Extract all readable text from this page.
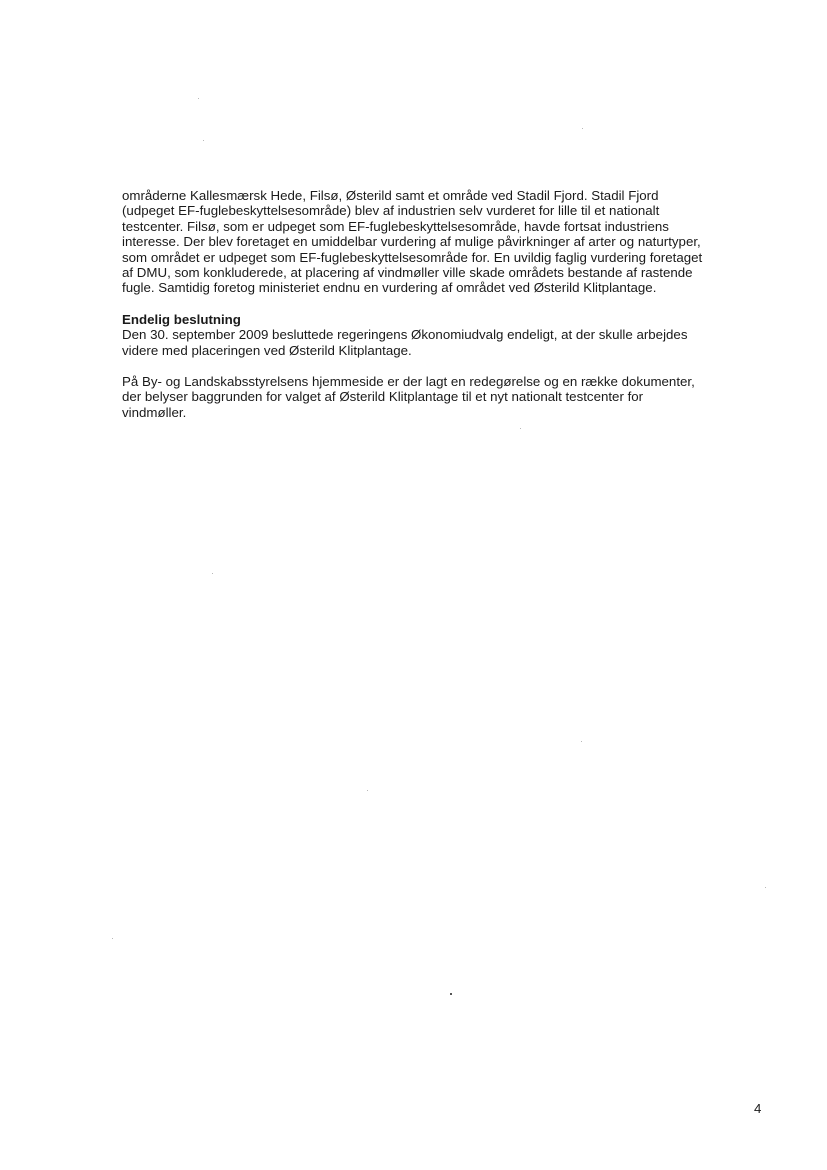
områderne Kallesmærsk Hede, Filsø, Østerild samt et område ved Stadil Fjord. Stadil Fjord
(udpeget EF-fuglebeskyttelsesområde) blev af industrien selv vurderet for lille til et nationalt
testcenter. Filsø, som er udpeget som EF-fuglebeskyttelsesområde, havde fortsat industriens
interesse. Der blev foretaget en umiddelbar vurdering af mulige påvirkninger af arter og naturtyper,
som området er udpeget som EF-fuglebeskyttelsesområde for. En uvildig faglig vurdering foretaget
af DMU, som konkluderede, at placering af vindmøller ville skade områdets bestande af rastende
fugle. Samtidig foretog ministeriet endnu en vurdering af området ved Østerild Klitplantage.
Endelig beslutning
Den 30. september 2009 besluttede regeringens Økonomiudvalg endeligt, at der skulle arbejdes
videre med placeringen ved Østerild Klitplantage.
På By- og Landskabsstyrelsens hjemmeside er der lagt en redegørelse og en række dokumenter,
der belyser baggrunden for valget af Østerild Klitplantage til et nyt nationalt testcenter for
vindmøller.
4
